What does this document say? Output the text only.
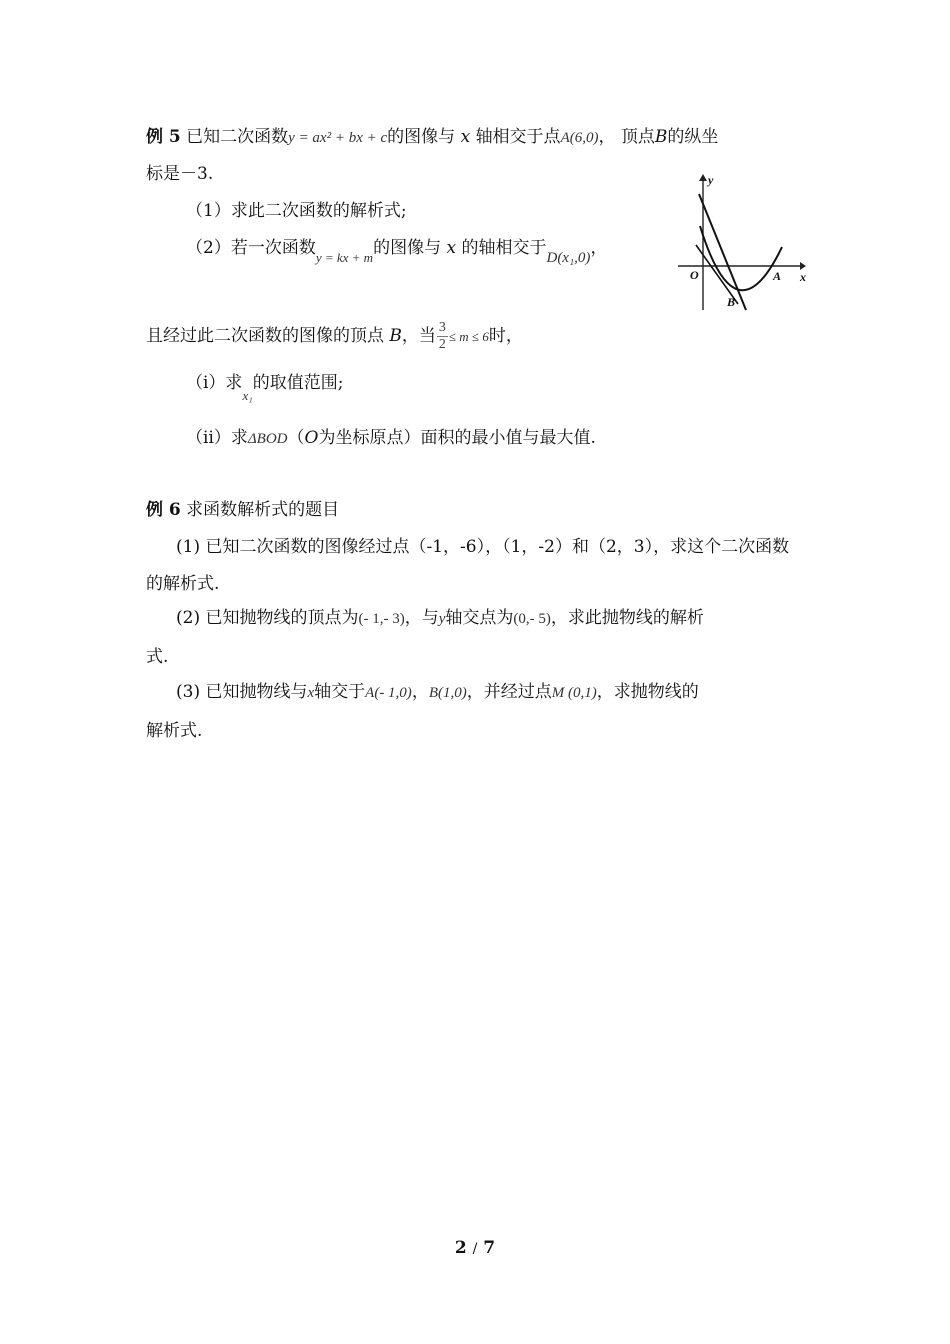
例 5 已知二次函数y = ax² + bx + c的图像与 x 轴相交于点A(6,0)， 顶点B的纵坐
标是－3.
（1）求此二次函数的解析式;
（2）若一次函数$_{y = kx + m}$的图像与 x 的轴相交于D(x₁,0)，
且经过此二次函数的图像的顶点 B，当 $\frac{3}{2} \le m \le 6$时，
（ⅰ）求$_{x_1}$的取值范围;
（ⅱ）求ΔBOD（O为坐标原点）面积的最小值与最大值.
y
x
O	A
B
例 6 求函数解析式的题目
(1) 已知二次函数的图像经过点（-1，-6），（1，-2）和（2，3），求这个二次函数
的解析式.
(2) 已知抛物线的顶点为(- 1,- 3)，与y轴交点为(0,- 5)，求此抛物线的解析
式.
(3) 已知抛物线与x轴交于A(- 1,0)，B(1,0)，并经过点M (0,1)，求抛物线的
解析式.
2 / 7
